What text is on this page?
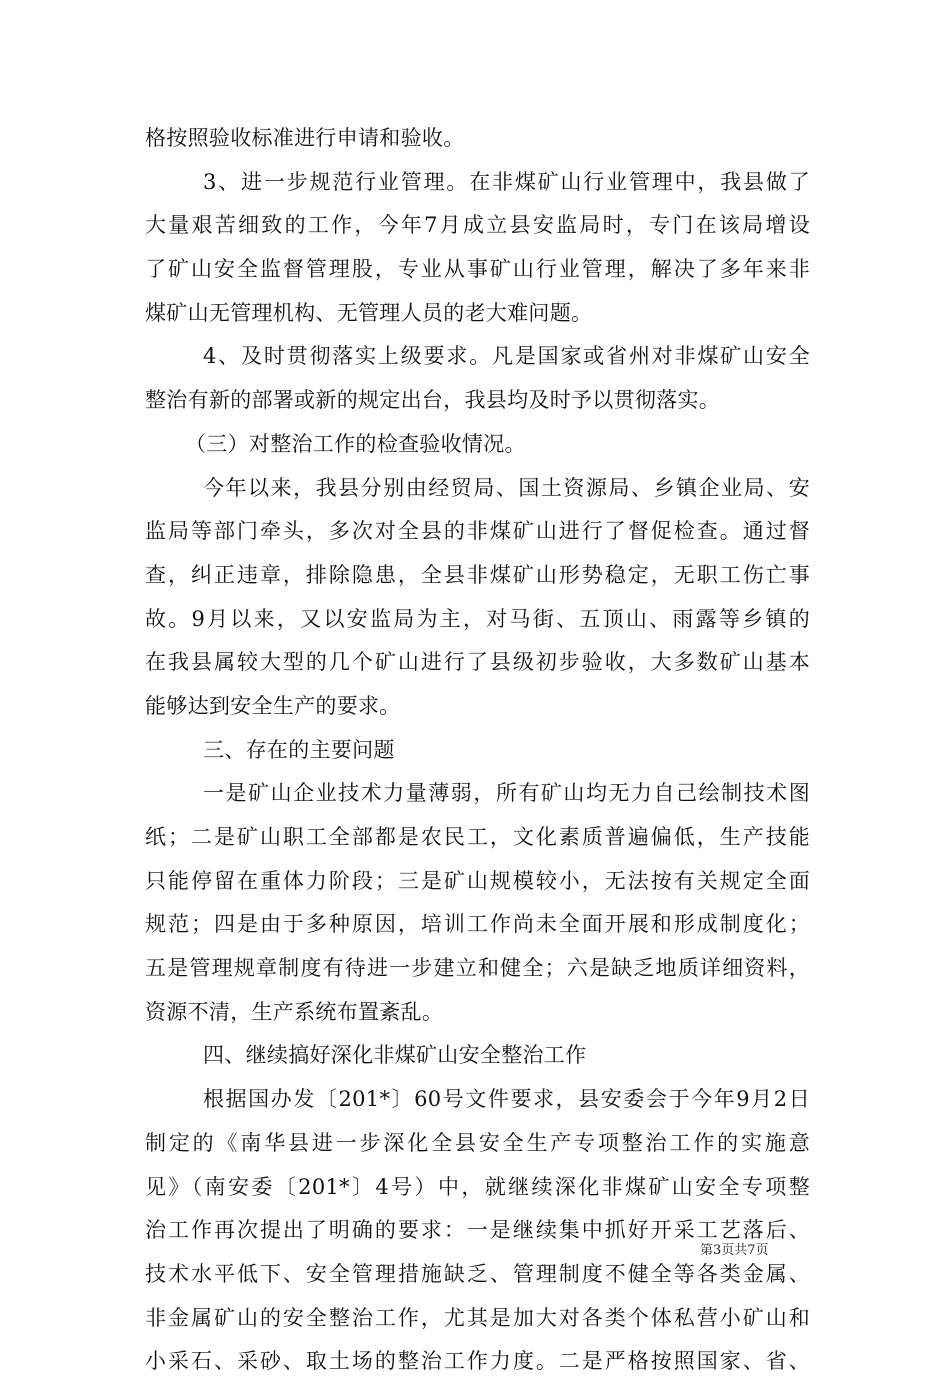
格按照验收标准进行申请和验收。
3、进一步规范行业管理。在非煤矿山行业管理中，我县做了
大量艰苦细致的工作，今年7月成立县安监局时，专门在该局增设
了矿山安全监督管理股，专业从事矿山行业管理，解决了多年来非
煤矿山无管理机构、无管理人员的老大难问题。
4、及时贯彻落实上级要求。凡是国家或省州对非煤矿山安全
整治有新的部署或新的规定出台，我县均及时予以贯彻落实。
（三）对整治工作的检查验收情况。
今年以来，我县分别由经贸局、国土资源局、乡镇企业局、安
监局等部门牵头，多次对全县的非煤矿山进行了督促检查。通过督
查，纠正违章，排除隐患，全县非煤矿山形势稳定，无职工伤亡事
故。9月以来，又以安监局为主，对马街、五顶山、雨露等乡镇的
在我县属较大型的几个矿山进行了县级初步验收，大多数矿山基本
能够达到安全生产的要求。
三、存在的主要问题
一是矿山企业技术力量薄弱，所有矿山均无力自己绘制技术图
纸；二是矿山职工全部都是农民工，文化素质普遍偏低，生产技能
只能停留在重体力阶段；三是矿山规模较小，无法按有关规定全面
规范；四是由于多种原因，培训工作尚未全面开展和形成制度化；
五是管理规章制度有待进一步建立和健全；六是缺乏地质详细资料，
资源不清，生产系统布置紊乱。
四、继续搞好深化非煤矿山安全整治工作
根据国办发〔201*〕60号文件要求，县安委会于今年9月2日
制定的《南华县进一步深化全县安全生产专项整治工作的实施意
见》（南安委〔201*〕4号）中，就继续深化非煤矿山安全专项整
治工作再次提出了明确的要求：一是继续集中抓好开采工艺落后、
技术水平低下、安全管理措施缺乏、管理制度不健全等各类金属、
非金属矿山的安全整治工作，尤其是加大对各类个体私营小矿山和
小采石、采砂、取土场的整治工作力度。二是严格按照国家、省、
第3页共7页
